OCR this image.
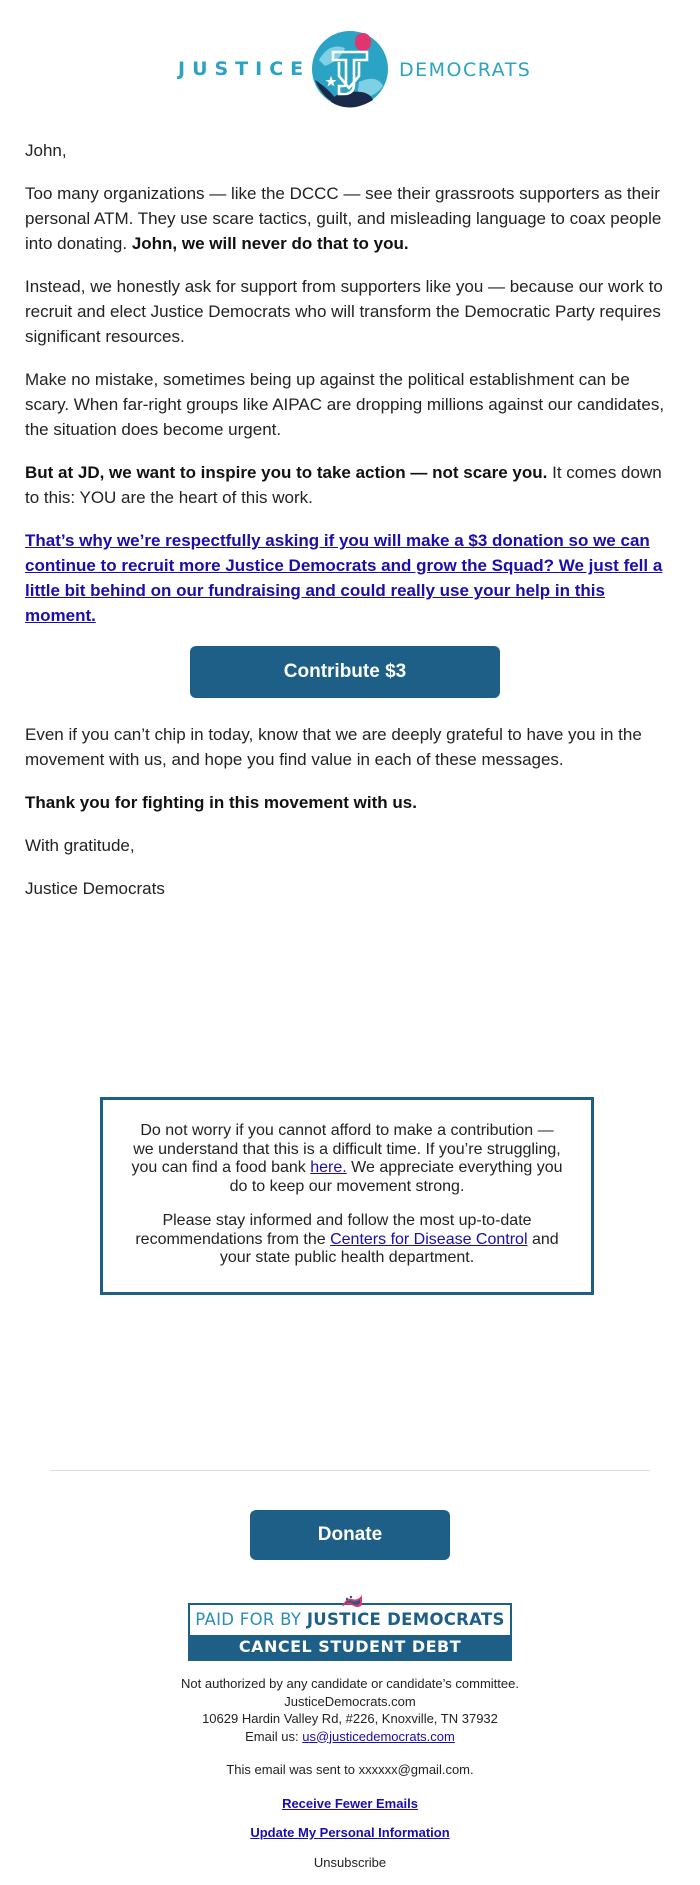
JUSTICE	DEMOCRATS

John,

Too many organizations — like the DCCC — see their grassroots supporters as their personal ATM. They use scare tactics, guilt, and misleading language to coax people into donating. John, we will never do that to you.

Instead, we honestly ask for support from supporters like you — because our work to recruit and elect Justice Democrats who will transform the Democratic Party requires significant resources.

Make no mistake, sometimes being up against the political establishment can be scary. When far-right groups like AIPAC are dropping millions against our candidates, the situation does become urgent.

But at JD, we want to inspire you to take action — not scare you. It comes down to this: YOU are the heart of this work.

That’s why we’re respectfully asking if you will make a $3 donation so we can continue to recruit more Justice Democrats and grow the Squad? We just fell a little bit behind on our fundraising and could really use your help in this moment.

Contribute $3

Even if you can’t chip in today, know that we are deeply grateful to have you in the movement with us, and hope you find value in each of these messages.

Thank you for fighting in this movement with us.

With gratitude,

Justice Democrats

Do not worry if you cannot afford to make a contribution — we understand that this is a difficult time. If you’re struggling, you can find a food bank here. We appreciate everything you do to keep our movement strong.

Please stay informed and follow the most up-to-date recommendations from the Centers for Disease Control and your state public health department.

Donate
PAID FOR BY JUSTICE DEMOCRATS
CANCEL STUDENT DEBT
Not authorized by any candidate or candidate’s committee.
JusticeDemocrats.com
10629 Hardin Valley Rd, #226, Knoxville, TN 37932
Email us: us@justicedemocrats.com
This email was sent to xxxxxx@gmail.com.
Receive Fewer Emails
Update My Personal Information
Unsubscribe
